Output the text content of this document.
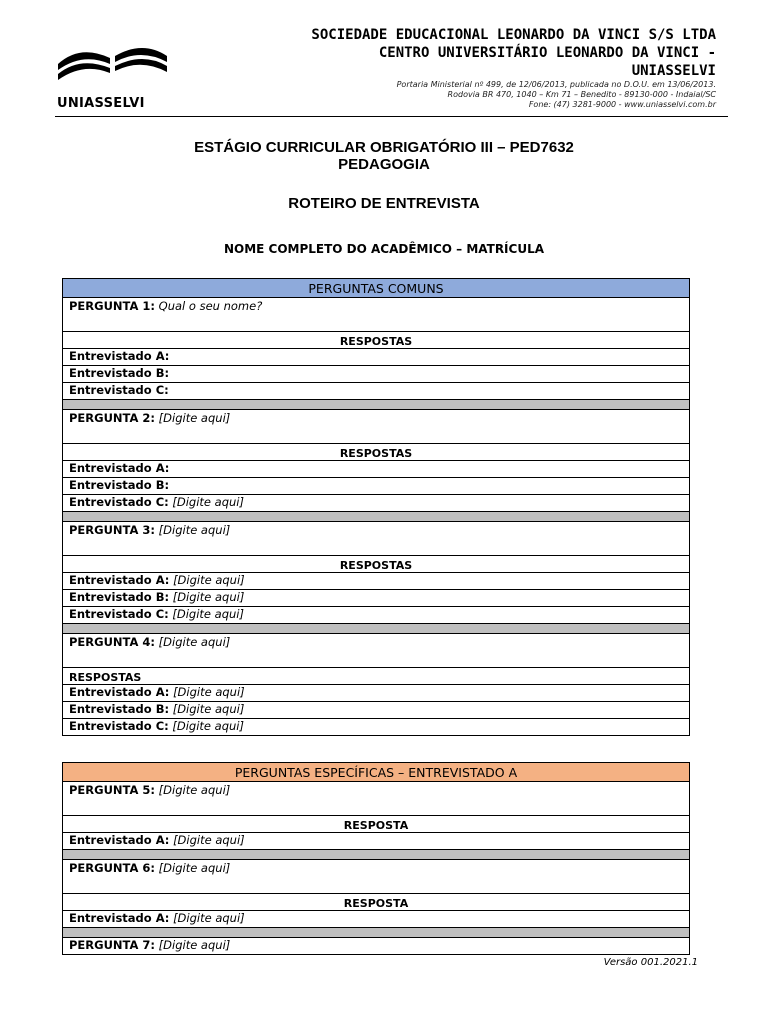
UNIASSELVI
SOCIEDADE EDUCACIONAL LEONARDO DA VINCI S/S LTDA
CENTRO UNIVERSITÁRIO LEONARDO DA VINCI -
UNIASSELVI
Portaria Ministerial nº 499, de 12/06/2013, publicada no D.O.U. em 13/06/2013.
Rodovia BR 470, 1040 – Km 71 – Benedito - 89130-000 - Indaial/SC
Fone: (47) 3281-9000 - www.uniasselvi.com.br
ESTÁGIO CURRICULAR OBRIGATÓRIO III – PED7632
PEDAGOGIA
ROTEIRO DE ENTREVISTA
NOME COMPLETO DO ACADÊMICO – MATRÍCULA
PERGUNTAS COMUNS
PERGUNTA 1: Qual o seu nome?
RESPOSTAS
Entrevistado A:
Entrevistado B:
Entrevistado C:

PERGUNTA 2: [Digite aqui]
RESPOSTAS
Entrevistado A:
Entrevistado B:
Entrevistado C: [Digite aqui]

PERGUNTA 3: [Digite aqui]
RESPOSTAS
Entrevistado A: [Digite aqui]
Entrevistado B: [Digite aqui]
Entrevistado C: [Digite aqui]

PERGUNTA 4: [Digite aqui]
RESPOSTAS
Entrevistado A: [Digite aqui]
Entrevistado B: [Digite aqui]
Entrevistado C: [Digite aqui]
PERGUNTAS ESPECÍFICAS – ENTREVISTADO A
PERGUNTA 5: [Digite aqui]
RESPOSTA
Entrevistado A: [Digite aqui]

PERGUNTA 6: [Digite aqui]
RESPOSTA
Entrevistado A: [Digite aqui]

PERGUNTA 7: [Digite aqui]
Versão 001.2021.1
